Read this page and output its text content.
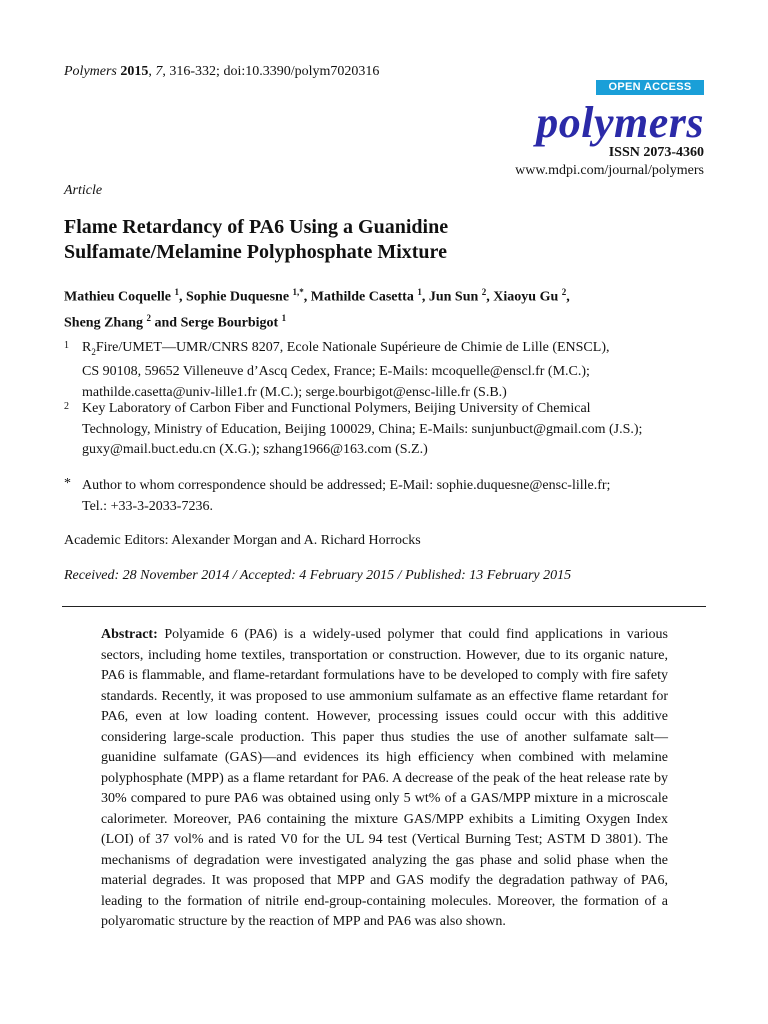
Polymers 2015, 7, 316-332; doi:10.3390/polym7020316
OPEN ACCESS
polymers
ISSN 2073-4360
www.mdpi.com/journal/polymers
Article
Flame Retardancy of PA6 Using a Guanidine
Sulfamate/Melamine Polyphosphate Mixture
Mathieu Coquelle $^1$, Sophie Duquesne $^{1,*}$, Mathilde Casetta $^1$, Jun Sun $^2$, Xiaoyu Gu $^2$,
Sheng Zhang $^2$ and Serge Bourbigot $^1$
1 $R_2Fire/UMET—UMR$/CNRS 8207, Ecole Nationale Supérieure de Chimie de Lille (ENSCL),
CS 90108, 59652 Villeneuve d’Ascq Cedex, France; E-Mails: mcoquelle@enscl.fr (M.C.);
mathilde.casetta@univ-lille1.fr (M.C.); serge.bourbigot@ensc-lille.fr (S.B.)
2 Key Laboratory of Carbon Fiber and Functional Polymers, Beijing University of Chemical
Technology, Ministry of Education, Beijing 100029, China; E-Mails: sunjunbuct@gmail.com (J.S.);
guxy@mail.buct.edu.cn (X.G.); szhang1966@163.com (S.Z.)
* Author to whom correspondence should be addressed; E-Mail: sophie.duquesne@ensc-lille.fr;
Tel.: +33-3-2033-7236.
Academic Editors: Alexander Morgan and A. Richard Horrocks
Received: 28 November 2014 / Accepted: 4 February 2015 / Published: 13 February 2015
Abstract: Polyamide 6 (PA6) is a widely-used polymer that could find applications in various sectors, including home textiles, transportation or construction. However, due to its organic nature, PA6 is flammable, and flame-retardant formulations have to be developed to comply with fire safety standards. Recently, it was proposed to use ammonium sulfamate as an effective flame retardant for PA6, even at low loading content. However, processing issues could occur with this additive considering large-scale production. This paper thus studies the use of another sulfamate salt—guanidine sulfamate (GAS)—and evidences its high efficiency when combined with melamine polyphosphate (MPP) as a flame retardant for PA6. A decrease of the peak of the heat release rate by 30% compared to pure PA6 was obtained using only 5 wt% of a GAS/MPP mixture in a microscale calorimeter. Moreover, PA6 containing the mixture GAS/MPP exhibits a Limiting Oxygen Index (LOI) of 37 vol% and is rated V0 for the UL 94 test (Vertical Burning Test; ASTM D 3801). The mechanisms of degradation were investigated analyzing the gas phase and solid phase when the material degrades. It was proposed that MPP and GAS modify the degradation pathway of PA6, leading to the formation of nitrile end-group-containing molecules. Moreover, the formation of a polyaromatic structure by the reaction of MPP and PA6 was also shown.
